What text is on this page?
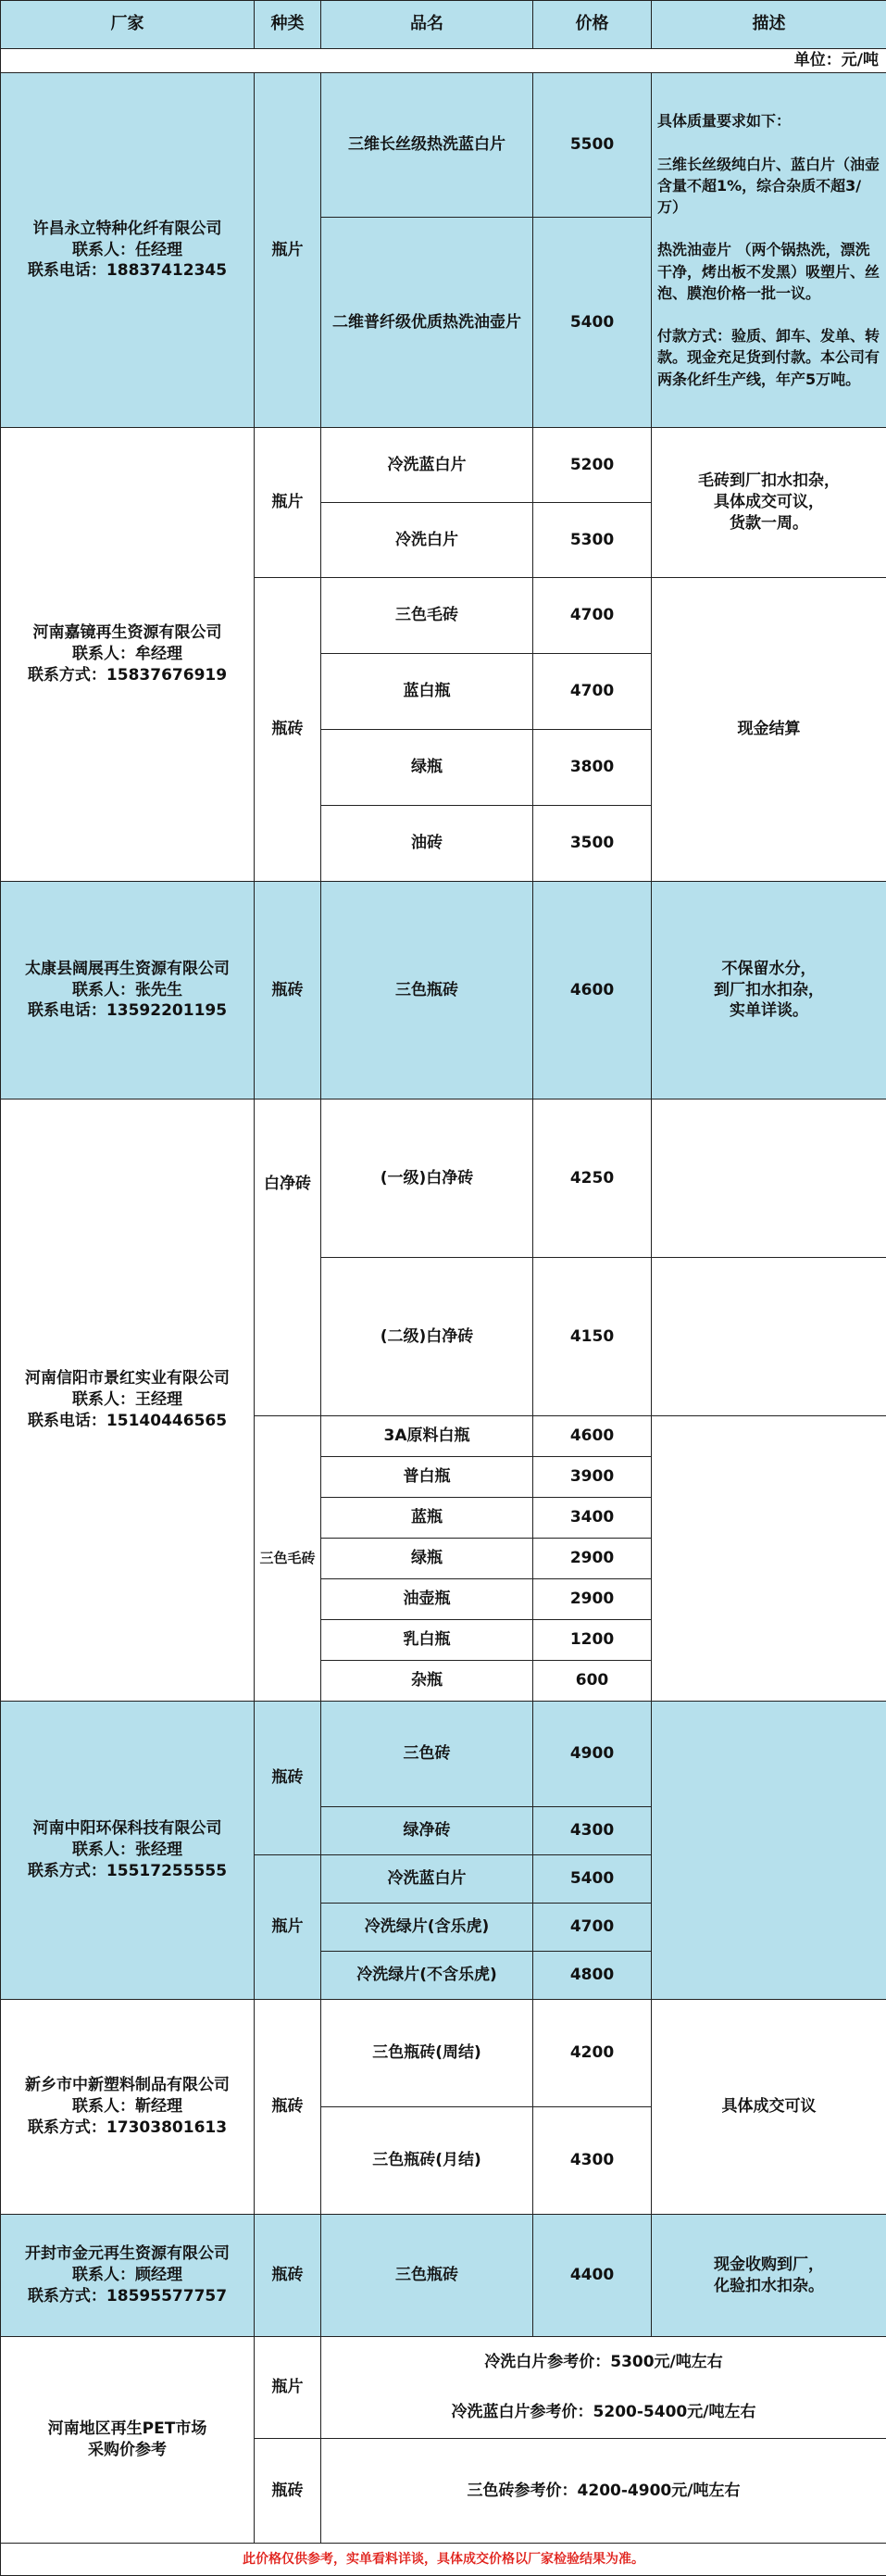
厂家	种类	品名	价格	描述
单位：元/吨				
许昌永立特种化纤有限公司
联系人：任经理
联系电话：18837412345	瓶片	三维长丝级热洗蓝白片	5500	具体质量要求如下：

三维长丝级纯白片、蓝白片（油壶含量不超1%，综合杂质不超3/万）

热洗油壶片 （两个锅热洗，漂洗干净，烤出板不发黑）吸塑片、丝泡、膜泡价格一批一议。

付款方式：验质、卸车、发单、转款。现金充足货到付款。本公司有两条化纤生产线，年产5万吨。
		二维普纤级优质热洗油壶片	5400	
河南嘉镜再生资源有限公司
联系人：牟经理
联系方式：15837676919	瓶片	冷洗蓝白片	5200	毛砖到厂扣水扣杂，
具体成交可议，
货款一周。
		冷洗白片	5300	
	瓶砖	三色毛砖	4700	现金结算
		蓝白瓶	4700	
		绿瓶	3800	
		油砖	3500	
太康县阔展再生资源有限公司
联系人：张先生
联系电话：13592201195	瓶砖	三色瓶砖	4600	不保留水分，
到厂扣水扣杂，
实单详谈。
河南信阳市景红实业有限公司
联系人：王经理
联系电话：15140446565	白净砖	(一级)白净砖	4250	
		(二级)白净砖	4150	
	三色毛砖	3A原料白瓶	4600	
		普白瓶	3900	
		蓝瓶	3400	
		绿瓶	2900	
		油壶瓶	2900	
		乳白瓶	1200	
		杂瓶	600	
河南中阳环保科技有限公司
联系人：张经理
联系方式：15517255555	瓶砖	三色砖	4900	
		绿净砖	4300	
	瓶片	冷洗蓝白片	5400	
		冷洗绿片(含乐虎)	4700	
		冷洗绿片(不含乐虎)	4800	
新乡市中新塑料制品有限公司
联系人：靳经理
联系方式：17303801613	瓶砖	三色瓶砖(周结)	4200	具体成交可议
		三色瓶砖(月结)	4300	
开封市金元再生资源有限公司
联系人：顾经理
联系方式：18595577757	瓶砖	三色瓶砖	4400	现金收购到厂，
化验扣水扣杂。
河南地区再生PET市场
采购价参考	瓶片	冷洗白片参考价：5300元/吨左右		
		冷洗蓝白片参考价：5200-5400元/吨左右		
	瓶砖	三色砖参考价：4200-4900元/吨左右		
此价格仅供参考，实单看料详谈，具体成交价格以厂家检验结果为准。				
